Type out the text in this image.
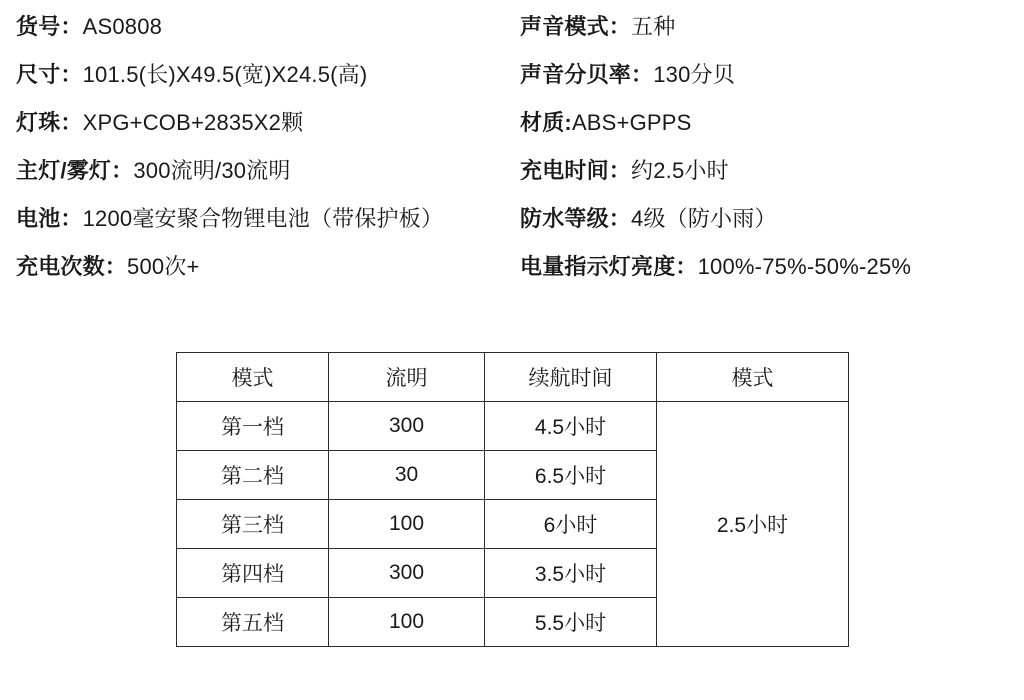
货号： AS0808
尺寸： 101.5(长)X49.5(宽)X24.5(高)
灯珠： XPG+COB+2835X2颗
主灯/雾灯： 300流明/30流明
电池： 1200毫安聚合物锂电池（带保护板）
充电次数： 500次+
声音模式： 五种
声音分贝率： 130分贝
材质: ABS+GPPS
充电时间： 约2.5小时
防水等级： 4级（防小雨）
电量指示灯亮度： 100%-75%-50%-25%
模式	流明	续航时间	模式
第一档	300	4.5小时	2.5小时
第二档	30	6.5小时	
第三档	100	6小时	
第四档	300	3.5小时	
第五档	100	5.5小时	
